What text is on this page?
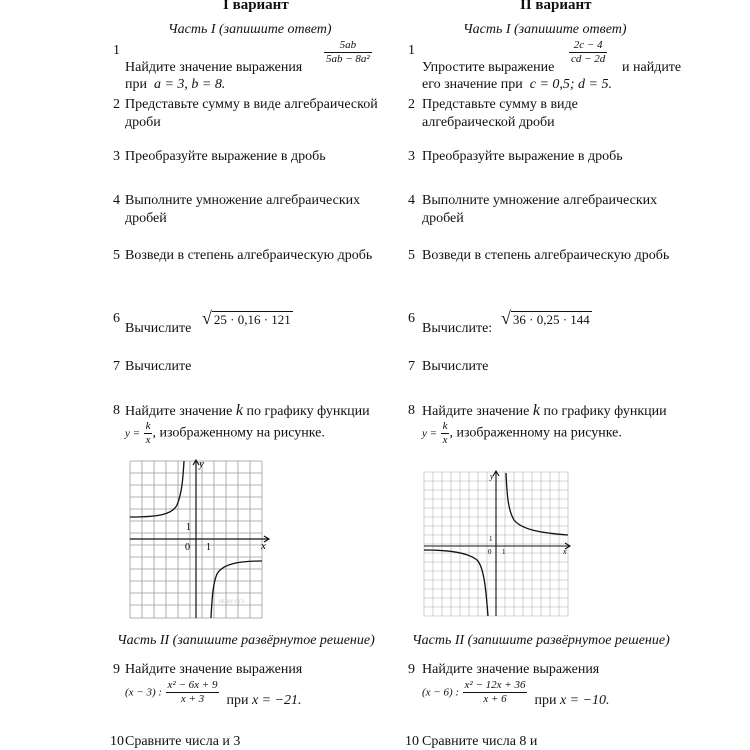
I вариант
Часть I (запишите ответ)
1
Найдите значение выражения
$\frac{5ab}{\text{5ab − 8a²}}$
при a = 3, b = 8.
2 Представьте сумму в виде алгебраической
дроби
3 Преобразуйте выражение в дробь
4 Выполните умножение алгебраических
дробей
5 Возведи в степень алгебраическую дробь
6
Вычислите
√ 25 · 0,16 · 121
7 Вычислите
8 Найдите значение k по графику функции
$y = \frac{k}{x}$ , изображенному на рисунке.
y
x
0 1
1
РЕШУ ОГЭ
Часть II (запишите развёрнутое решение)
9 Найдите значение выражения
(x − 3) : $\frac{\text{x² − 6x + 9}}{x + 3}$ при x = −21.
10 Сравните числа и 3
II вариант
Часть I (запишите ответ)
1
Упростите выражение
$\frac{2c - 4}{cd - 2d}$
и найдите
его значение при c = 0,5; d = 5.
2 Представьте сумму в виде
алгебраической дроби
3 Преобразуйте выражение в дробь
4 Выполните умножение алгебраических
дробей
5 Возведи в степень алгебраическую дробь
6
Вычислите:
√ 36 · 0,25 · 144
7 Вычислите
8 Найдите значение k по графику функции
$y = \frac{k}{x}$ , изображенному на рисунке.
y
x
0 1
1
Часть II (запишите развёрнутое решение)
9 Найдите значение выражения
(x − 6) : $\frac{\text{x² − 12x + 36}}{x + 6}$ при x = −10.
10 Сравните числа 8 и
